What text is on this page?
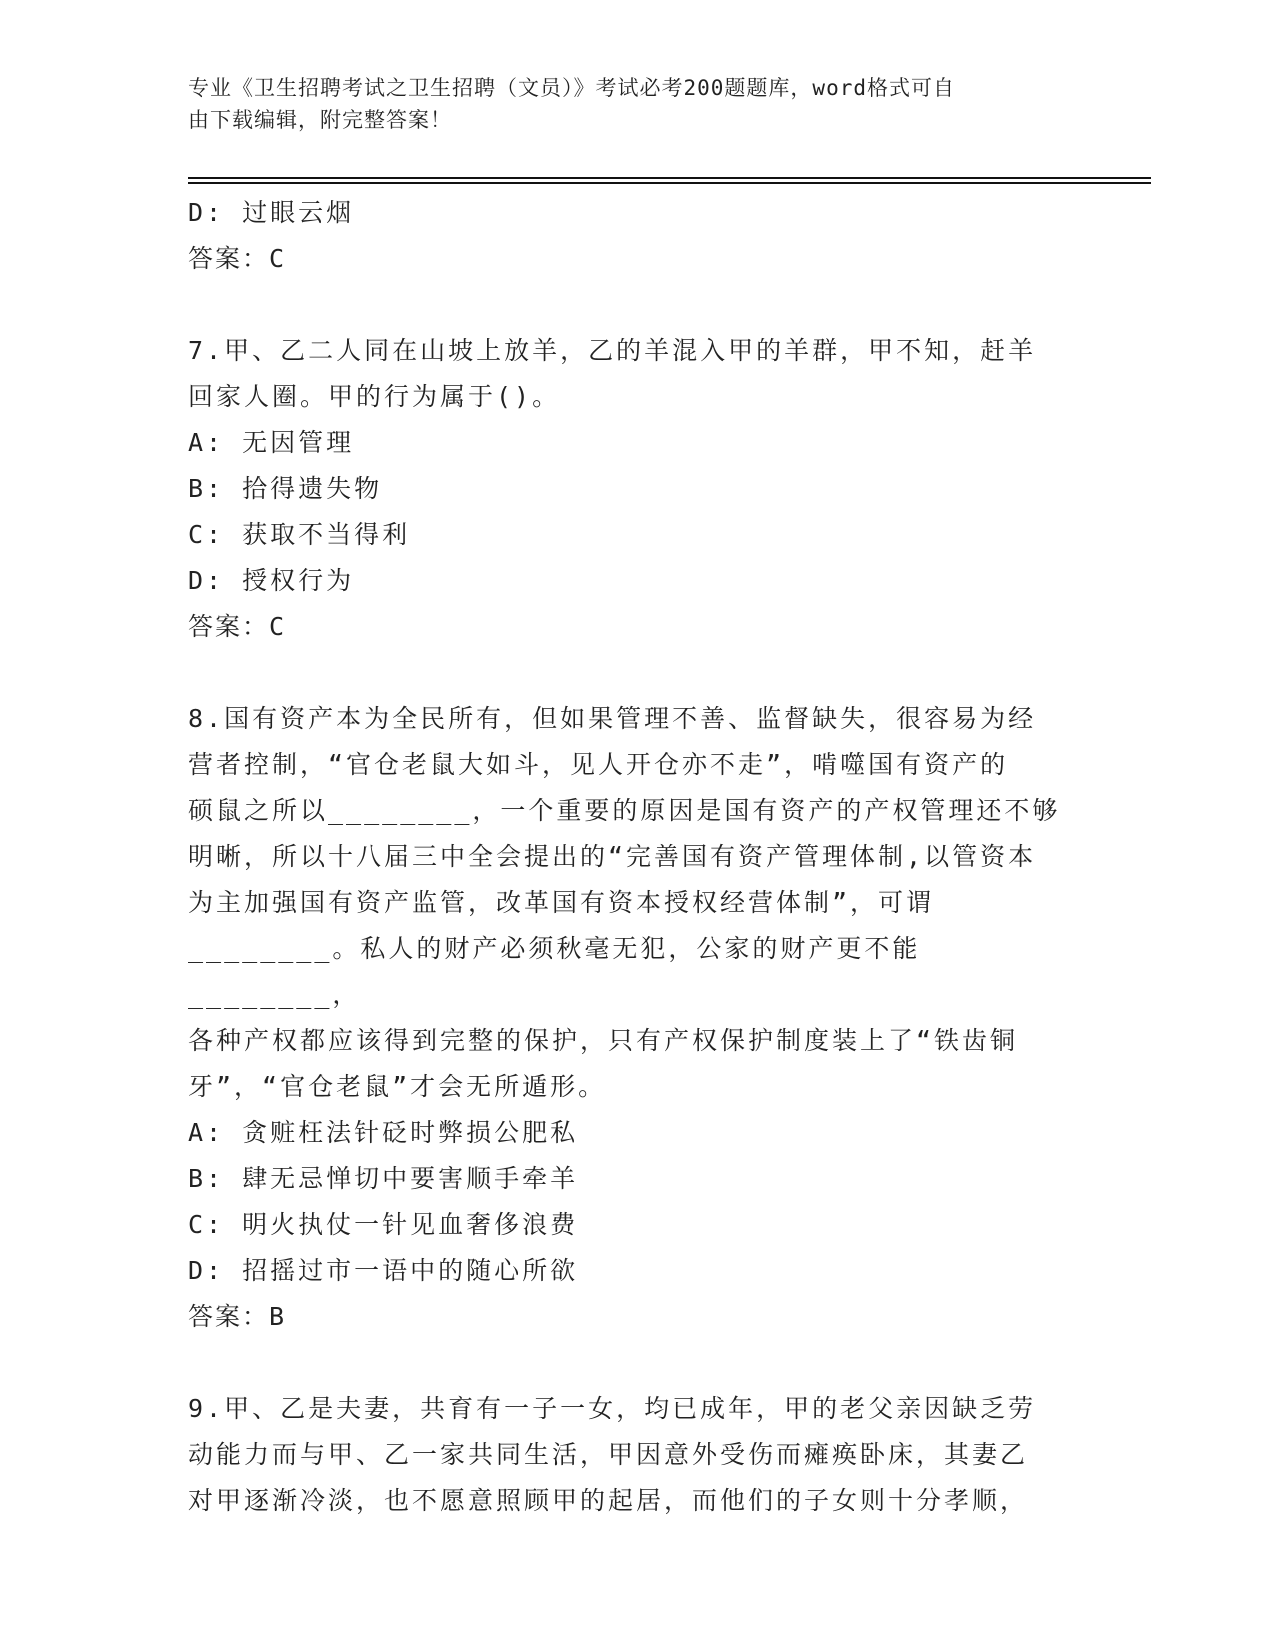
专业《卫生招聘考试之卫生招聘（文员）》考试必考200题题库，word格式可自
由下载编辑，附完整答案！

D: 过眼云烟

答案：C

7.甲、乙二人同在山坡上放羊，乙的羊混入甲的羊群，甲不知，赶羊

回家人圈。甲的行为属于()。

A: 无因管理

B: 拾得遗失物

C: 获取不当得利

D: 授权行为

答案：C

8.国有资产本为全民所有，但如果管理不善、监督缺失，很容易为经

营者控制，“官仓老鼠大如斗，见人开仓亦不走”，啃噬国有资产的

硕鼠之所以________，一个重要的原因是国有资产的产权管理还不够

明晰，所以十八届三中全会提出的“完善国有资产管理体制,以管资本

为主加强国有资产监管，改革国有资本授权经营体制”，可谓

________。私人的财产必须秋毫无犯，公家的财产更不能________，

各种产权都应该得到完整的保护，只有产权保护制度装上了“铁齿铜

牙”，“官仓老鼠”才会无所遁形。

A: 贪赃枉法针砭时弊损公肥私

B: 肆无忌惮切中要害顺手牵羊

C: 明火执仗一针见血奢侈浪费

D: 招摇过市一语中的随心所欲

答案：B

9.甲、乙是夫妻，共育有一子一女，均已成年，甲的老父亲因缺乏劳

动能力而与甲、乙一家共同生活，甲因意外受伤而瘫痪卧床，其妻乙

对甲逐渐冷淡，也不愿意照顾甲的起居，而他们的子女则十分孝顺，
